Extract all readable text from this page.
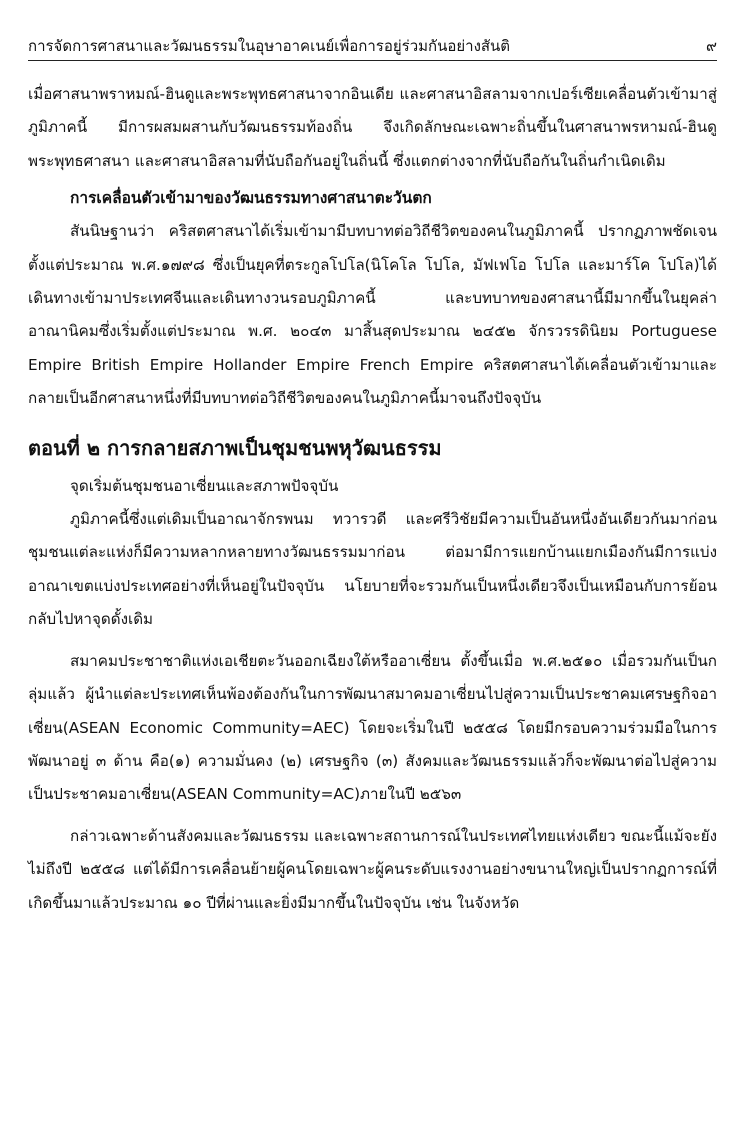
การจัดการศาสนาและวัฒนธรรมในอุษาอาคเนย์เพื่อการอยู่ร่วมกันอย่างสันติ	๙

เมื่อศาสนาพราหมณ์-ฮินดูและพระพุทธศาสนาจากอินเดีย และศาสนาอิสลามจากเปอร์เซียเคลื่อนตัวเข้ามาสู่ภูมิภาคนี้ มีการผสมผสานกับวัฒนธรรมท้องถิ่น จึงเกิดลักษณะเฉพาะถิ่นขึ้นในศาสนาพรหามณ์-ฮินดู พระพุทธศาสนา และศาสนาอิสลามที่นับถือกันอยู่ในถิ่นนี้ ซึ่งแตกต่างจากที่นับถือกันในถิ่นกำเนิดเดิม

การเคลื่อนตัวเข้ามาของวัฒนธรรมทางศาสนาตะวันตก

สันนิษฐานว่า คริสตศาสนาได้เริ่มเข้ามามีบทบาทต่อวิถีชีวิตของคนในภูมิภาคนี้ ปรากฏภาพชัดเจนตั้งแต่ประมาณ พ.ศ.๑๗๙๘ ซึ่งเป็นยุคที่ตระกูลโปโล(นิโคโล โปโล, มัฟเฟโอ โปโล และมาร์โค โปโล)ได้เดินทางเข้ามาประเทศจีนและเดินทางวนรอบภูมิภาคนี้ และบทบาทของศาสนานี้มีมากขึ้นในยุคล่าอาณานิคมซึ่งเริ่มตั้งแต่ประมาณ พ.ศ. ๒๐๔๓ มาสิ้นสุดประมาณ ๒๔๕๒ จักรวรรดินิยม Portuguese Empire British Empire Hollander Empire French Empire คริสตศาสนาได้เคลื่อนตัวเข้ามาและกลายเป็นอีกศาสนาหนึ่งที่มีบทบาทต่อวิถีชีวิตของคนในภูมิภาคนี้มาจนถึงปัจจุบัน

ตอนที่ ๒ การกลายสภาพเป็นชุมชนพหุวัฒนธรรม

จุดเริ่มต้นชุมชนอาเซี่ยนและสภาพปัจจุบัน

ภูมิภาคนี้ซึ่งแต่เดิมเป็นอาณาจักรพนม ทวารวดี และศรีวิชัยมีความเป็นอันหนึ่งอันเดียวกันมาก่อน ชุมชนแต่ละแห่งก็มีความหลากหลายทางวัฒนธรรมมาก่อน ต่อมามีการแยกบ้านแยกเมืองกันมีการแบ่งอาณาเขตแบ่งประเทศอย่างที่เห็นอยู่ในปัจจุบัน นโยบายที่จะรวมกันเป็นหนึ่งเดียวจึงเป็นเหมือนกับการย้อนกลับไปหาจุดดั้งเดิม

สมาคมประชาชาติแห่งเอเชียตะวันออกเฉียงใต้หรืออาเซี่ยน ตั้งขึ้นเมื่อ พ.ศ.๒๕๑๐ เมื่อรวมกันเป็นกลุ่มแล้ว ผู้นำแต่ละประเทศเห็นพ้องต้องกันในการพัฒนาสมาคมอาเซี่ยนไปสู่ความเป็นประชาคมเศรษฐกิจอาเซี่ยน(ASEAN Economic Community=AEC) โดยจะเริ่มในปี ๒๕๕๘ โดยมีกรอบความร่วมมือในการพัฒนาอยู่ ๓ ด้าน คือ(๑) ความมั่นคง (๒) เศรษฐกิจ (๓) สังคมและวัฒนธรรมแล้วก็จะพัฒนาต่อไปสู่ความเป็นประชาคมอาเซี่ยน(ASEAN Community=AC)ภายในปี ๒๕๖๓

กล่าวเฉพาะด้านสังคมและวัฒนธรรม และเฉพาะสถานการณ์ในประเทศไทยแห่งเดียว ขณะนี้แม้จะยังไม่ถึงปี ๒๕๕๘ แต่ได้มีการเคลื่อนย้ายผู้คนโดยเฉพาะผู้คนระดับแรงงานอย่างขนานใหญ่เป็นปรากฏการณ์ที่เกิดขึ้นมาแล้วประมาณ ๑๐ ปีที่ผ่านและยิ่งมีมากขึ้นในปัจจุบัน เช่น ในจังหวัด
